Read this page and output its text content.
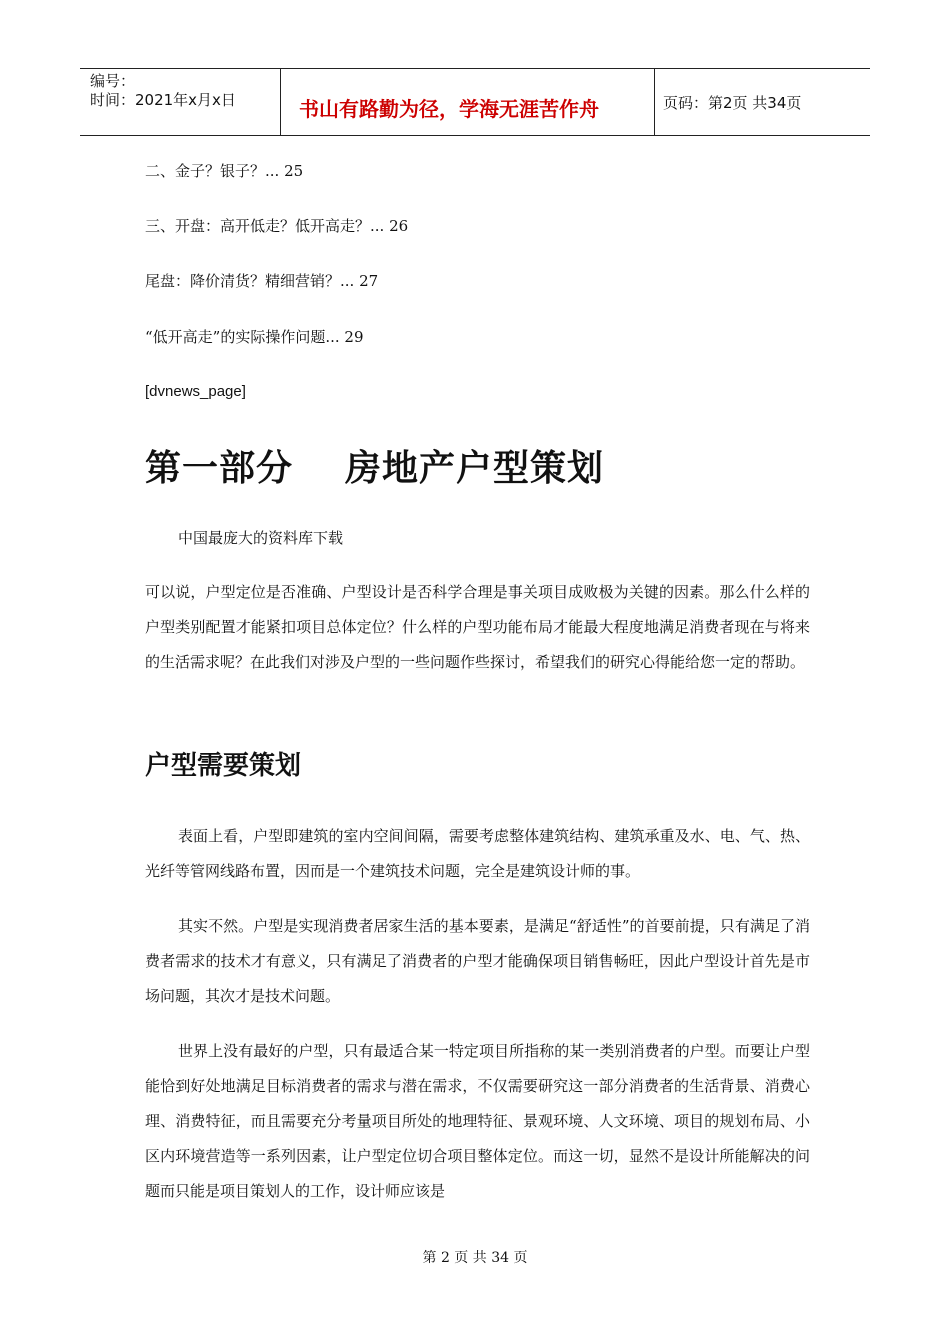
编号：
时间：2021年x月x日	书山有路勤为径，学海无涯苦作舟	页码：第2页 共34页
二、金子？银子？... 25
三、开盘：高开低走？低开高走？... 26
尾盘：降价清货？精细营销？... 27
“低开高走”的实际操作问题... 29
[dvnews_page]
第一部分 房地产户型策划
中国最庞大的资料库下载
可以说，户型定位是否准确、户型设计是否科学合理是事关项目成败极为关键的因素。那么什么样的户型类别配置才能紧扣项目总体定位？什么样的户型功能布局才能最大程度地满足消费者现在与将来的生活需求呢？在此我们对涉及户型的一些问题作些探讨，希望我们的研究心得能给您一定的帮助。
户型需要策划
表面上看，户型即建筑的室内空间间隔，需要考虑整体建筑结构、建筑承重及水、电、气、热、光纤等管网线路布置，因而是一个建筑技术问题，完全是建筑设计师的事。
其实不然。户型是实现消费者居家生活的基本要素，是满足“舒适性”的首要前提，只有满足了消费者需求的技术才有意义，只有满足了消费者的户型才能确保项目销售畅旺，因此户型设计首先是市场问题，其次才是技术问题。
世界上没有最好的户型，只有最适合某一特定项目所指称的某一类别消费者的户型。而要让户型能恰到好处地满足目标消费者的需求与潜在需求，不仅需要研究这一部分消费者的生活背景、消费心理、消费特征，而且需要充分考量项目所处的地理特征、景观环境、人文环境、项目的规划布局、小区内环境营造等一系列因素，让户型定位切合项目整体定位。而这一切，显然不是设计所能解决的问题而只能是项目策划人的工作，设计师应该是
第 2 页 共 34 页
